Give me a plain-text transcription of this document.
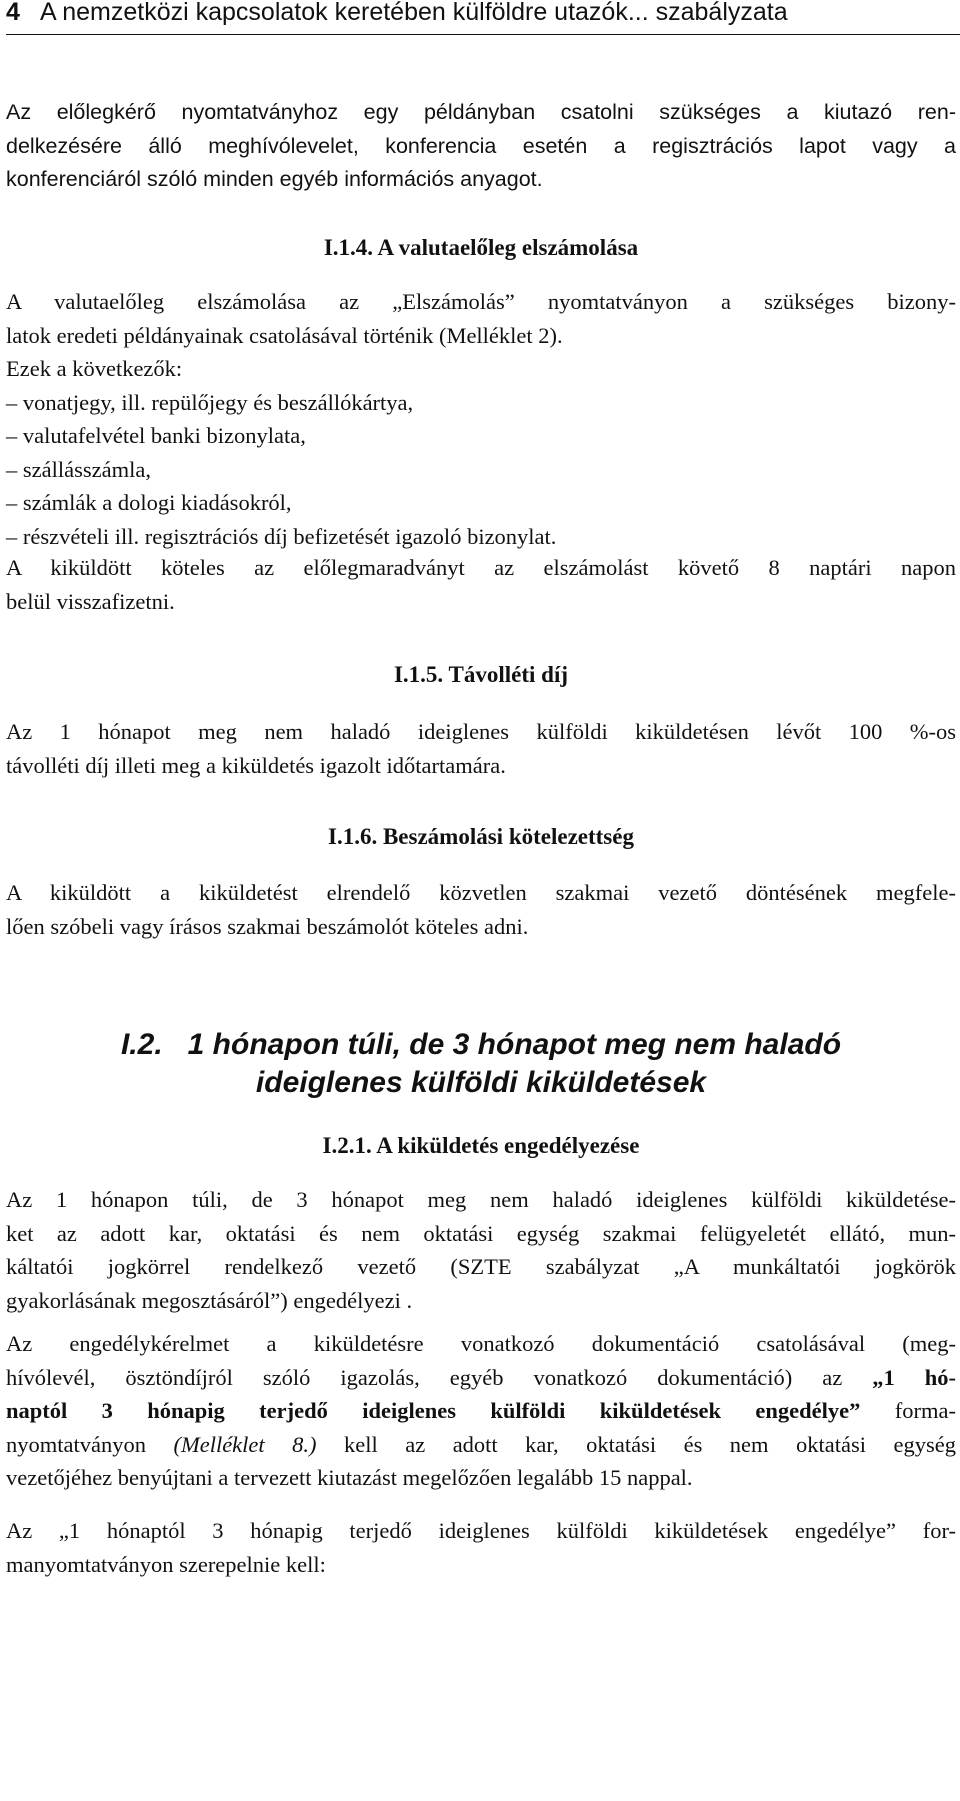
4 A nemzetközi kapcsolatok keretében külföldre utazók... szabályzata
Az előlegkérő nyomtatványhoz egy példányban csatolni szükséges a kiutazó ren-
delkezésére álló meghívólevelet, konferencia esetén a regisztrációs lapot vagy a
konferenciáról szóló minden egyéb információs anyagot.
I.1.4. A valutaelőleg elszámolása
A valutaelőleg elszámolása az „Elszámolás” nyomtatványon a szükséges bizony-
latok eredeti példányainak csatolásával történik (Melléklet 2).
Ezek a következők:
– vonatjegy, ill. repülőjegy és beszállókártya,
– valutafelvétel banki bizonylata,
– szállásszámla,
– számlák a dologi kiadásokról,
– részvételi ill. regisztrációs díj befizetését igazoló bizonylat.
A kiküldött köteles az előlegmaradványt az elszámolást követő 8 naptári napon
belül visszafizetni.
I.1.5. Távolléti díj
Az 1 hónapot meg nem haladó ideiglenes külföldi kiküldetésen lévőt 100 %-os
távolléti díj illeti meg a kiküldetés igazolt időtartamára.
I.1.6. Beszámolási kötelezettség
A kiküldött a kiküldetést elrendelő közvetlen szakmai vezető döntésének megfele-
lően szóbeli vagy írásos szakmai beszámolót köteles adni.
I.2.   1 hónapon túli, de 3 hónapot meg nem haladó
ideiglenes külföldi kiküldetések
I.2.1. A kiküldetés engedélyezése
Az 1 hónapon túli, de 3 hónapot meg nem haladó ideiglenes külföldi kiküldetése-
ket az adott kar, oktatási és nem oktatási egység szakmai felügyeletét ellátó, mun-
káltatói jogkörrel rendelkező vezető (SZTE szabályzat „A munkáltatói jogkörök
gyakorlásának megosztásáról”) engedélyezi .
Az engedélykérelmet a kiküldetésre vonatkozó dokumentáció csatolásával (meg-
hívólevél, ösztöndíjról szóló igazolás, egyéb vonatkozó dokumentáció) az „1 hó-
naptól 3 hónapig terjedő ideiglenes külföldi kiküldetések engedélye” forma-
nyomtatványon (Melléklet 8.) kell az adott kar, oktatási és nem oktatási egység
vezetőjéhez benyújtani a tervezett kiutazást megelőzően legalább 15 nappal.
Az „1 hónaptól 3 hónapig terjedő ideiglenes külföldi kiküldetések engedélye” for-
manyomtatványon szerepelnie kell:
